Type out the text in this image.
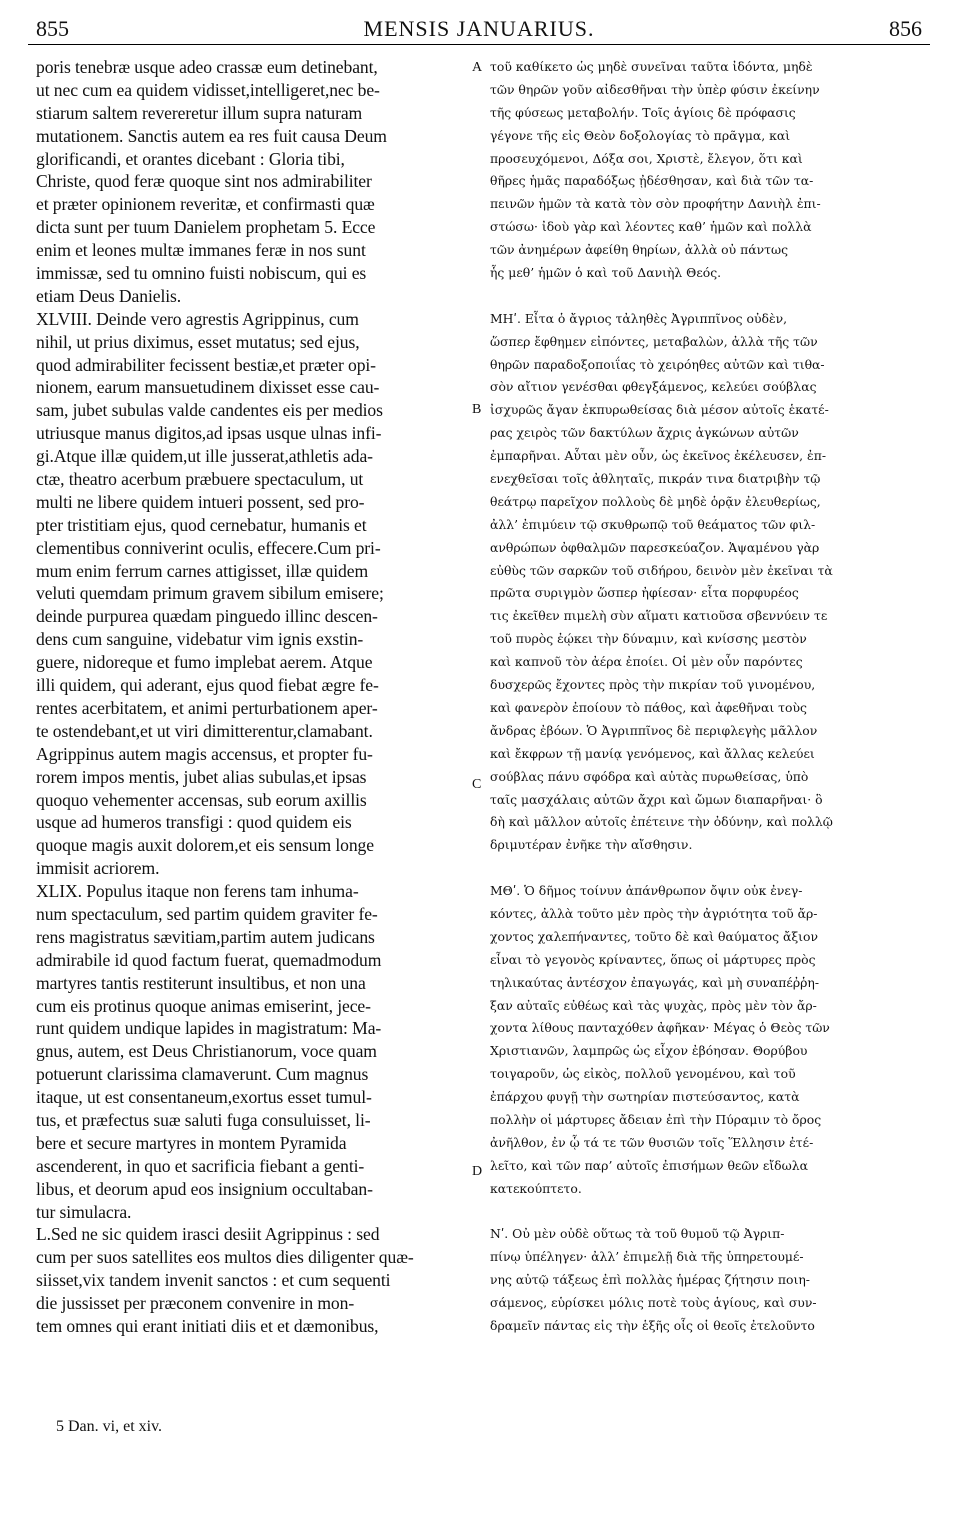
855	MENSIS JANUARIUS.	856
poris tenebræ usque adeo crassæ eum detinebant,
ut nec cum ea quidem vidisset,intelligeret,nec be-
stiarum saltem revereretur illum supra naturam
mutationem. Sanctis autem ea res fuit causa Deum
glorificandi, et orantes dicebant : Gloria tibi,
Christe, quod feræ quoque sint nos admirabiliter
et præter opinionem reveritæ, et confirmasti quæ
dicta sunt per tuum Danielem prophetam 5. Ecce
enim et leones multæ immanes feræ in nos sunt
immissæ, sed tu omnino fuisti nobiscum, qui es
etiam Deus Danielis.
XLVIII. Deinde vero agrestis Agrippinus, cum
nihil, ut prius diximus, esset mutatus; sed ejus,
quod admirabiliter fecissent bestiæ,et præter opi-
nionem, earum mansuetudinem dixisset esse cau-
sam, jubet subulas valde candentes eis per medios
utriusque manus digitos,ad ipsas usque ulnas infi-
gi.Atque illæ quidem,ut ille jusserat,athletis ada-
ctæ, theatro acerbum præbuere spectaculum, ut
multi ne libere quidem intueri possent, sed pro-
pter tristitiam ejus, quod cernebatur, humanis et
clementibus conniverint oculis, effecere.Cum pri-
mum enim ferrum carnes attigisset, illæ quidem
veluti quemdam primum gravem sibilum emisere;
deinde purpurea quædam pinguedo illinc descen-
dens cum sanguine, videbatur vim ignis exstin-
guere, nidoreque et fumo implebat aerem. Atque
illi quidem, qui aderant, ejus quod fiebat ægre fe-
rentes acerbitatem, et animi perturbationem aper-
te ostendebant,et ut viri dimitterentur,clamabant.
Agrippinus autem magis accensus, et propter fu-
rorem impos mentis, jubet alias subulas,et ipsas
quoquo vehementer accensas, sub eorum axillis
usque ad humeros transfigi : quod quidem eis
quoque magis auxit dolorem,et eis sensum longe
immisit acriorem.
XLIX. Populus itaque non ferens tam inhuma-
num spectaculum, sed partim quidem graviter fe-
rens magistratus sævitiam,partim autem judicans
admirabile id quod factum fuerat, quemadmodum
martyres tantis restiterunt insultibus, et non una
cum eis protinus quoque animas emiserint, jece-
runt quidem undique lapides in magistratum: Ma-
gnus, autem, est Deus Christianorum, voce quam
potuerunt clarissima clamaverunt. Cum magnus
itaque, ut est consentaneum,exortus esset tumul-
tus, et præfectus suæ saluti fuga consuluisset, li-
bere et secure martyres in montem Pyramida
ascenderent, in quo et sacrificia fiebant a genti-
libus, et deorum apud eos insignium occultaban-
tur simulacra.
L.Sed ne sic quidem irasci desiit Agrippinus : sed
cum per suos satellites eos multos dies diligenter quæ-
siisset,vix tandem invenit sanctos : et cum sequenti
die jussisset per præconem convenire in mon-
tem omnes qui erant initiati diis et et dæmonibus,
τοῦ καθίκετο ὡς μηδὲ συνεῖναι ταῦτα ἰδόντα, μηδὲ
τῶν θηρῶν γοῦν αἰδεσθῆναι τὴν ὑπὲρ φύσιν ἐκείνην
τῆς φύσεως μεταβολήν. Τοῖς ἁγίοις δὲ πρόφασις
γέγονε τῆς εἰς Θεὸν δοξολογίας τὸ πρᾶγμα, καὶ
προσευχόμενοι, Δόξα σοι, Χριστὲ, ἔλεγον, ὅτι καὶ
θῆρες ἡμᾶς παραδόξως ᾐδέσθησαν, καὶ διὰ τῶν τα-
πεινῶν ἡμῶν τὰ κατὰ τὸν σὸν προφήτην Δανιὴλ ἐπι-
στώσω· ἰδοὺ γὰρ καὶ λέοντες καθ’ ἡμῶν καὶ πολλὰ
τῶν ἀνημέρων ἀφείθη θηρίων, ἀλλὰ οὐ πάντως
ἧς μεθ’ ἡμῶν ὁ καὶ τοῦ Δανιὴλ Θεός.
ΜΗʹ. Εἶτα ὁ ἄγριος τἀληθὲς Ἀγριππῖνος οὐδὲν,
ὥσπερ ἔφθημεν εἰπόντες, μεταβαλὼν, ἀλλὰ τῆς τῶν
θηρῶν παραδοξοποιΐας τὸ χειρόηθες αὐτῶν καὶ τιθα-
σὸν αἴτιον γενέσθαι φθεγξάμενος, κελεύει σούβλας
ἰσχυρῶς ἄγαν ἐκπυρωθείσας διὰ μέσον αὐτοῖς ἑκατέ-
ρας χειρὸς τῶν δακτύλων ἄχρις ἀγκώνων αὐτῶν
ἐμπαρῆναι. Αὗται μὲν οὖν, ὡς ἐκεῖνος ἐκέλευσεν, ἐπ-
ενεχθεῖσαι τοῖς ἀθληταῖς, πικράν τινα διατριβὴν τῷ
θεάτρῳ παρεῖχον πολλοὺς δὲ μηδὲ ὁρᾷν ἐλευθερίως,
ἀλλ’ ἐπιμύειν τῷ σκυθρωπῷ τοῦ θεάματος τῶν φιλ-
ανθρώπων ὀφθαλμῶν παρεσκεύαζον. Ἁψαμένου γὰρ
εὐθὺς τῶν σαρκῶν τοῦ σιδήρου, δεινὸν μὲν ἐκεῖναι τὰ
πρῶτα συριγμὸν ὥσπερ ἠφίεσαν· εἶτα πορφυρέος
τις ἐκεῖθεν πιμελὴ σὺν αἵματι κατιοῦσα σβεννύειν τε
τοῦ πυρὸς ἐῴκει τὴν δύναμιν, καὶ κνίσσης μεστὸν
καὶ καπνοῦ τὸν ἀέρα ἐποίει. Οἱ μὲν οὖν παρόντες
δυσχερῶς ἔχοντες πρὸς τὴν πικρίαν τοῦ γινομένου,
καὶ φανερὸν ἐποίουν τὸ πάθος, καὶ ἀφεθῆναι τοὺς
ἄνδρας ἐβόων. Ὁ Ἀγριππῖνος δὲ περιφλεγὴς μᾶλλον
καὶ ἔκφρων τῇ μανίᾳ γενόμενος, καὶ ἄλλας κελεύει
σούβλας πάνυ σφόδρα καὶ αὐτὰς πυρωθείσας, ὑπὸ
ταῖς μασχάλαις αὐτῶν ἄχρι καὶ ὤμων διαπαρῆναι· ὃ
δὴ καὶ μᾶλλον αὐτοῖς ἐπέτεινε τὴν ὀδύνην, καὶ πολλῷ
δριμυτέραν ἐνῆκε τὴν αἴσθησιν.
ΜΘʹ. Ὁ δῆμος τοίνυν ἀπάνθρωπον ὄψιν οὐκ ἐνεγ-
κόντες, ἀλλὰ τοῦτο μὲν πρὸς τὴν ἀγριότητα τοῦ ἄρ-
χοντος χαλεπήναντες, τοῦτο δὲ καὶ θαύματος ἄξιον
εἶναι τὸ γεγονὸς κρίναντες, ὅπως οἱ μάρτυρες πρὸς
τηλικαύτας ἀντέσχον ἐπαγωγάς, καὶ μὴ συναπέῤῥη-
ξαν αὐταῖς εὐθέως καὶ τὰς ψυχὰς, πρὸς μὲν τὸν ἄρ-
χοντα λίθους πανταχόθεν ἀφῆκαν· Μέγας ὁ Θεὸς τῶν
Χριστιανῶν, λαμπρῶς ὡς εἶχον ἐβόησαν. Θορύβου
τοιγαροῦν, ὡς εἰκὸς, πολλοῦ γενομένου, καὶ τοῦ
ἐπάρχου φυγῇ τὴν σωτηρίαν πιστεύσαντος, κατὰ
πολλὴν οἱ μάρτυρες ἄδειαν ἐπὶ τὴν Πύραμιν τὸ ὄρος
ἀνῆλθον, ἐν ᾧ τά τε τῶν θυσιῶν τοῖς Ἕλλησιν ἐτέ-
λεῖτο, καὶ τῶν παρ’ αὐτοῖς ἐπισήμων θεῶν εἴδωλα
κατεκούπτετο.
Νʹ. Οὐ μὲν οὐδὲ οὕτως τὰ τοῦ θυμοῦ τῷ Ἀγριπ-
πίνῳ ὑπέληγεν· ἀλλ’ ἐπιμελῇ διὰ τῆς ὑπηρετουμέ-
νης αὐτῷ τάξεως ἐπὶ πολλὰς ἡμέρας ζήτησιν ποιη-
σάμενος, εὑρίσκει μόλις ποτὲ τοὺς ἁγίους, καὶ συν-
δραμεῖν πάντας εἰς τὴν ἑξῆς οἷς οἱ θεοῖς ἐτελοῦντο
A
B
C
D
5 Dan. vi, et xiv.
